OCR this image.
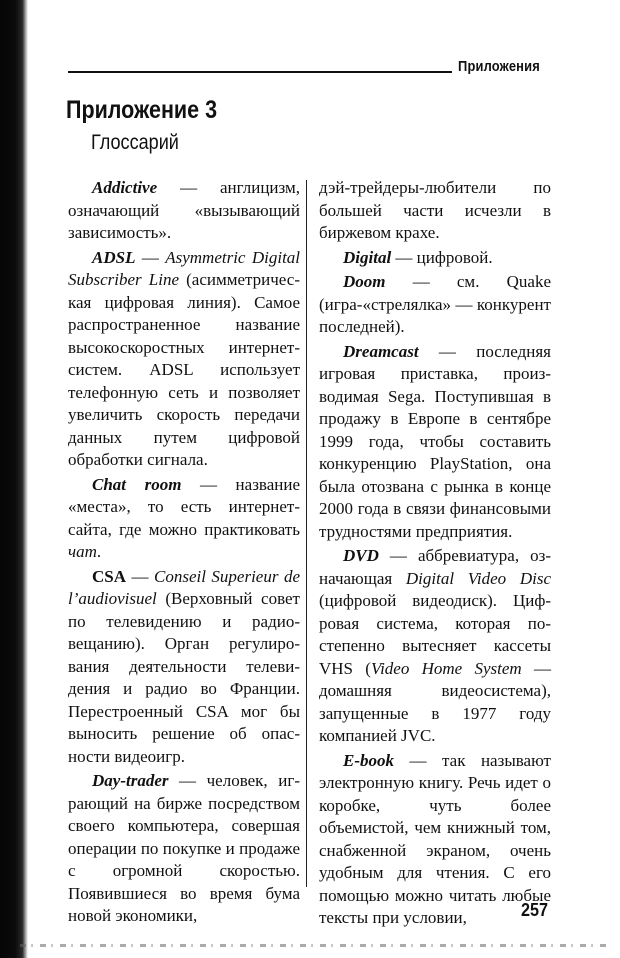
Приложения
Приложение 3
Глоссарий

Addictive — англицизм, означающий «вызывающий зависимость».

ADSL — Asymmetric Digital Subscriber Line (асимметрическая цифровая линия). Самое распространенное название высокоскоростных интернет-систем. ADSL использует телефонную сеть и позволяет увеличить скорость передачи данных путем цифровой обработки сигнала.

Chat room — название «места», то есть интернет-сайта, где можно практиковать чат.

CSA — Conseil Superieur de l’audiovisuel (Верховный совет по телевидению и радиовещанию). Орган регулирования деятельности телевидения и радио во Франции. Перестроенный CSA мог бы выносить решение об опасности видеоигр.

Day-trader — человек, играющий на бирже посредством своего компьютера, совершая операции по покупке и продаже с огромной скоростью. Появившиеся во время бума новой экономики,

дэй-трейдеры-любители по большей части исчезли в биржевом крахе.

Digital — цифровой.

Doom — см. Quake (игра-«стрелялка» — конкурент последней).

Dreamcast — последняя игровая приставка, производимая Sega. Поступившая в продажу в Европе в сентябре 1999 года, чтобы составить конкуренцию PlayStation, она была отозвана с рынка в конце 2000 года в связи финансовыми трудностями предприятия.

DVD — аббревиатура, означающая Digital Video Disc (цифровой видеодиск). Цифровая система, которая постепенно вытесняет кассеты VHS (Video Home System — домашняя видеосистема), запущенные в 1977 году компанией JVC.

E-book — так называют электронную книгу. Речь идет о коробке, чуть более объемистой, чем книжный том, снабженной экраном, очень удобным для чтения. С его помощью можно читать любые тексты при условии,	257
